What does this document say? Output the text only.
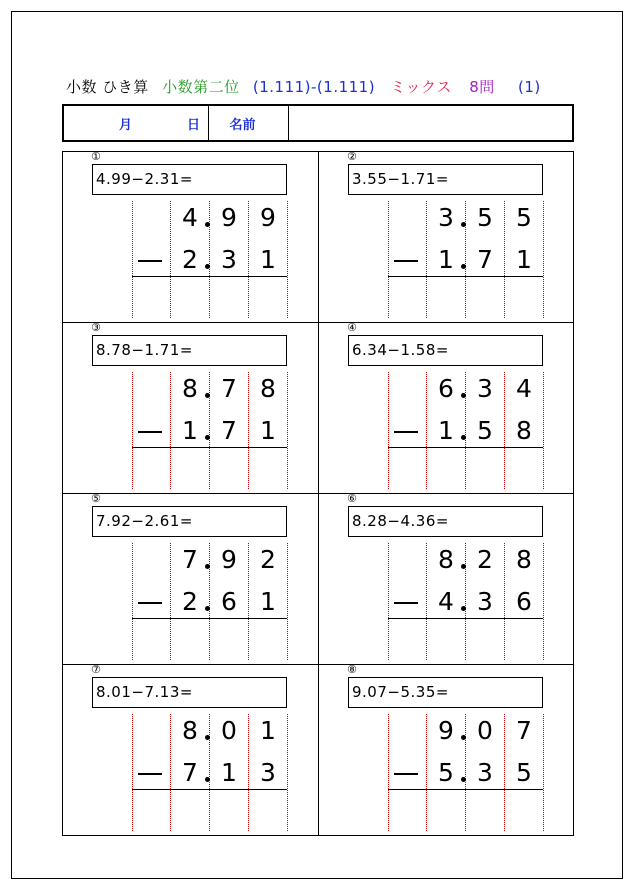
小数 ひき算 小数第二位 (1.111)-(1.111) ミックス 8問 (1)
月	日 名前
①
4.99−2.31=
4 9 9
2 3 1
②
3.55−1.71=
3 5 5
1 7 1
③
8.78−1.71=
8 7 8
1 7 1
④
6.34−1.58=
6 3 4
1 5 8
⑤
7.92−2.61=
7 9 2
2 6 1
⑥
8.28−4.36=
8 2 8
4 3 6
⑦
8.01−7.13=
8 0 1
7 1 3
⑧
9.07−5.35=
9 0 7
5 3 5
